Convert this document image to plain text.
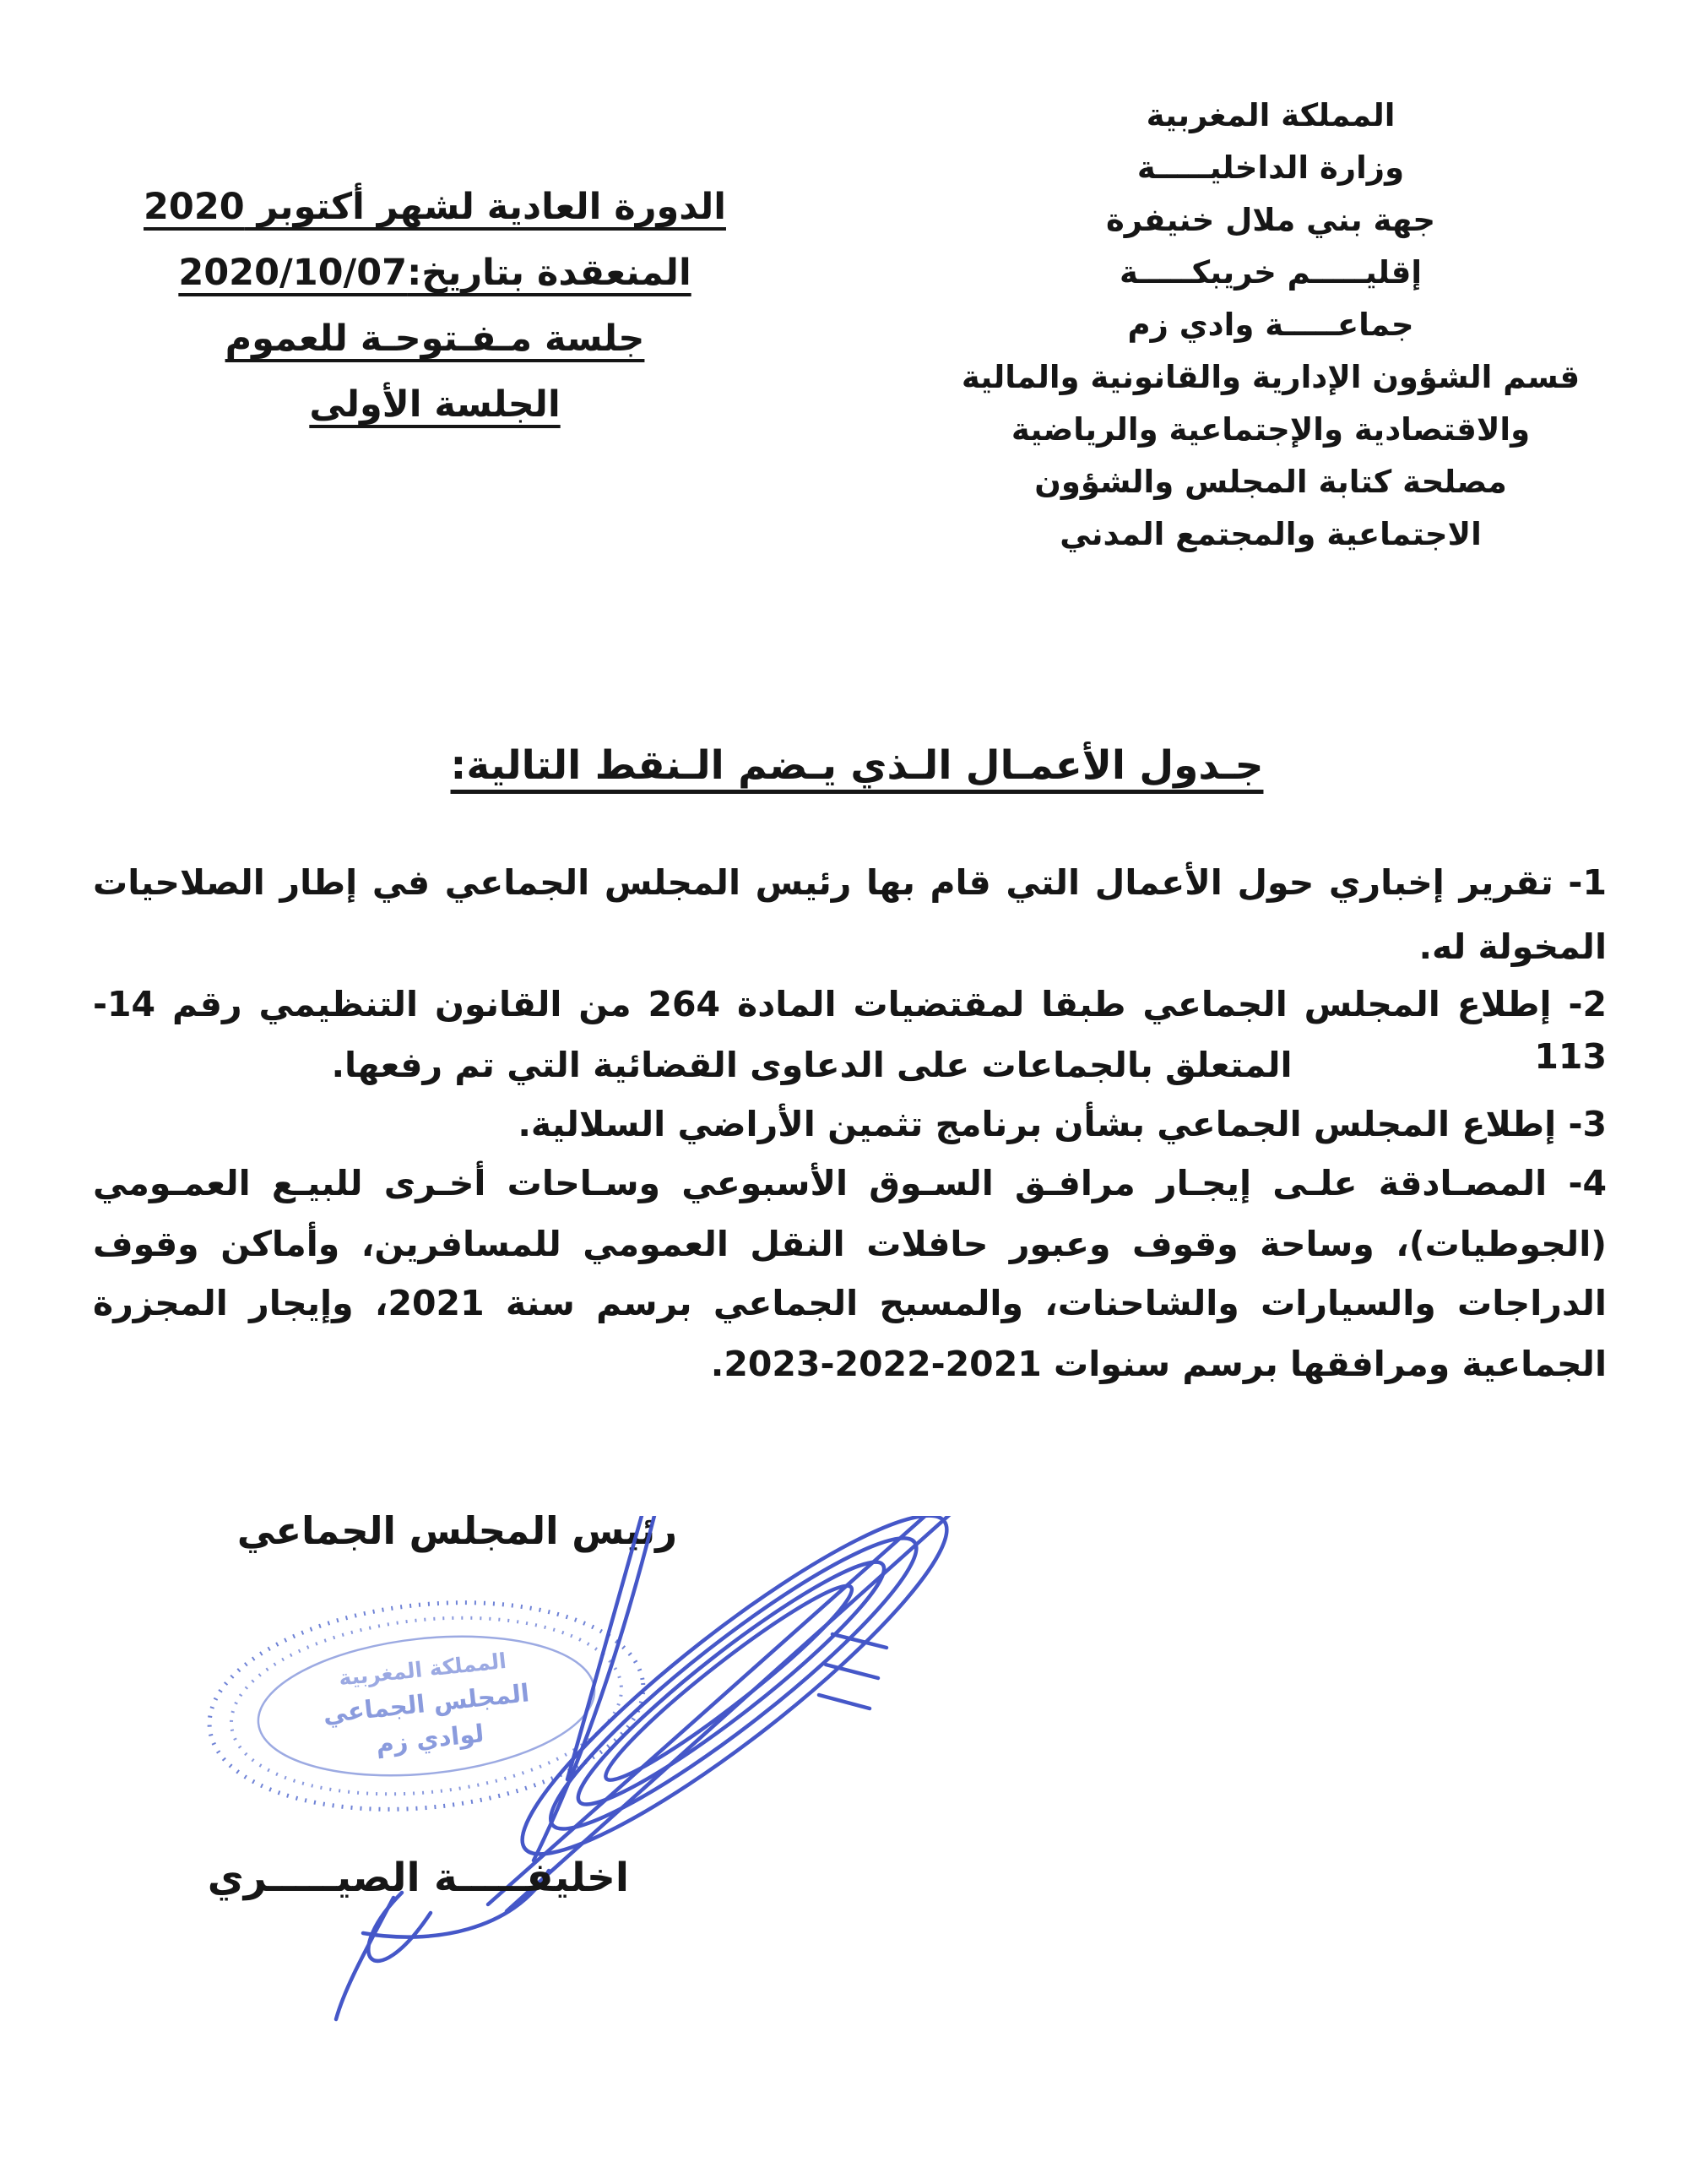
المملكة المغربية
وزارة الداخليـــــة
جهة بني ملال خنيفرة
إقليـــــم خريبكـــــة
جماعـــــة وادي زم
قسم الشؤون الإدارية والقانونية والمالية
والاقتصادية والإجتماعية والرياضية
مصلحة كتابة المجلس والشؤون
الاجتماعية والمجتمع المدني
الدورة العادية لشهر أكتوبر 2020
المنعقدة بتاريخ:2020/10/07
جلسة مـفـتوحـة للعموم
الجلسة الأولى
جـدول الأعمـال الـذي يـضم الـنقط التالية:
1- تقرير إخباري حول الأعمال التي قام بها رئيس المجلس الجماعي في إطار الصلاحيات
المخولة له.
2- إطلاع المجلس الجماعي طبقا لمقتضيات المادة 264 من القانون التنظيمي رقم 14- 113
المتعلق بالجماعات على الدعاوى القضائية التي تم رفعها.
3- إطلاع المجلس الجماعي بشأن برنامج تثمين الأراضي السلالية.
4- المصـادقة علـى إيجـار مرافـق السـوق الأسبوعي وسـاحات أخـرى للبيـع العمـومي
(الجوطيات)، وساحة وقوف وعبور حافلات النقل العمومي للمسافرين، وأماكن وقوف
الدراجات والسيارات والشاحنات، والمسبح الجماعي برسم سنة 2021، وإيجار المجزرة
الجماعية ومرافقها برسم سنوات 2021‏-2022‏-2023.
رئيس المجلس الجماعي
المملكة المغربية
المجلس الجماعي
لوادي زم
اخليفـــــة الصيـــــري
